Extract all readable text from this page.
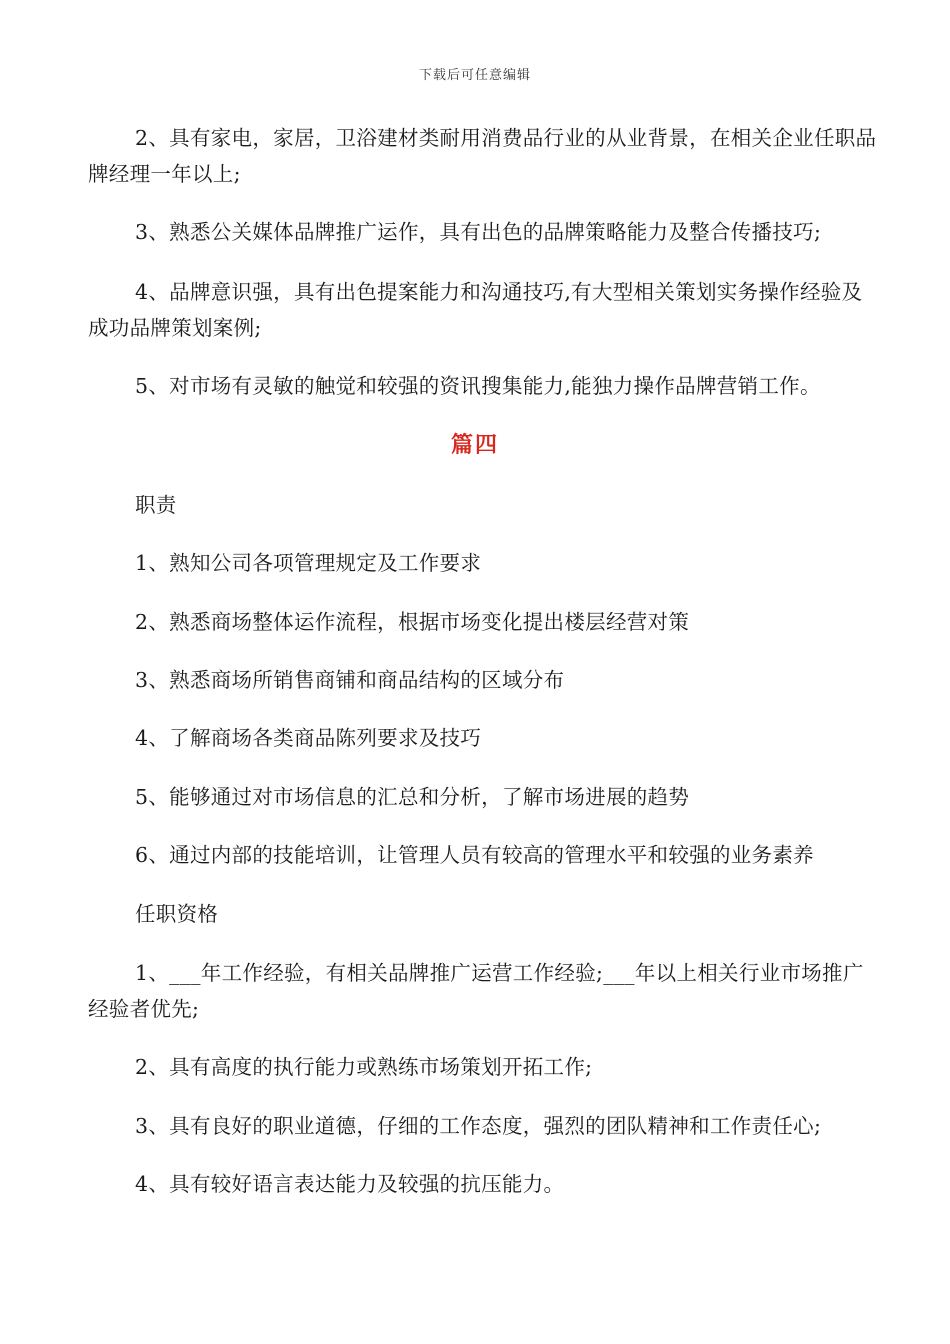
下载后可任意编辑
2、具有家电，家居，卫浴建材类耐用消费品行业的从业背景，在相关企业任职品牌经理一年以上;
3、熟悉公关媒体品牌推广运作，具有出色的品牌策略能力及整合传播技巧;
4、品牌意识强，具有出色提案能力和沟通技巧,有大型相关策划实务操作经验及成功品牌策划案例;
5、对市场有灵敏的触觉和较强的资讯搜集能力,能独力操作品牌营销工作。
篇四
职责
1、熟知公司各项管理规定及工作要求
2、熟悉商场整体运作流程，根据市场变化提出楼层经营对策
3、熟悉商场所销售商铺和商品结构的区域分布
4、了解商场各类商品陈列要求及技巧
5、能够通过对市场信息的汇总和分析，了解市场进展的趋势
6、通过内部的技能培训，让管理人员有较高的管理水平和较强的业务素养
任职资格
1、___年工作经验，有相关品牌推广运营工作经验;___年以上相关行业市场推广经验者优先;
2、具有高度的执行能力或熟练市场策划开拓工作;
3、具有良好的职业道德，仔细的工作态度，强烈的团队精神和工作责任心;
4、具有较好语言表达能力及较强的抗压能力。
